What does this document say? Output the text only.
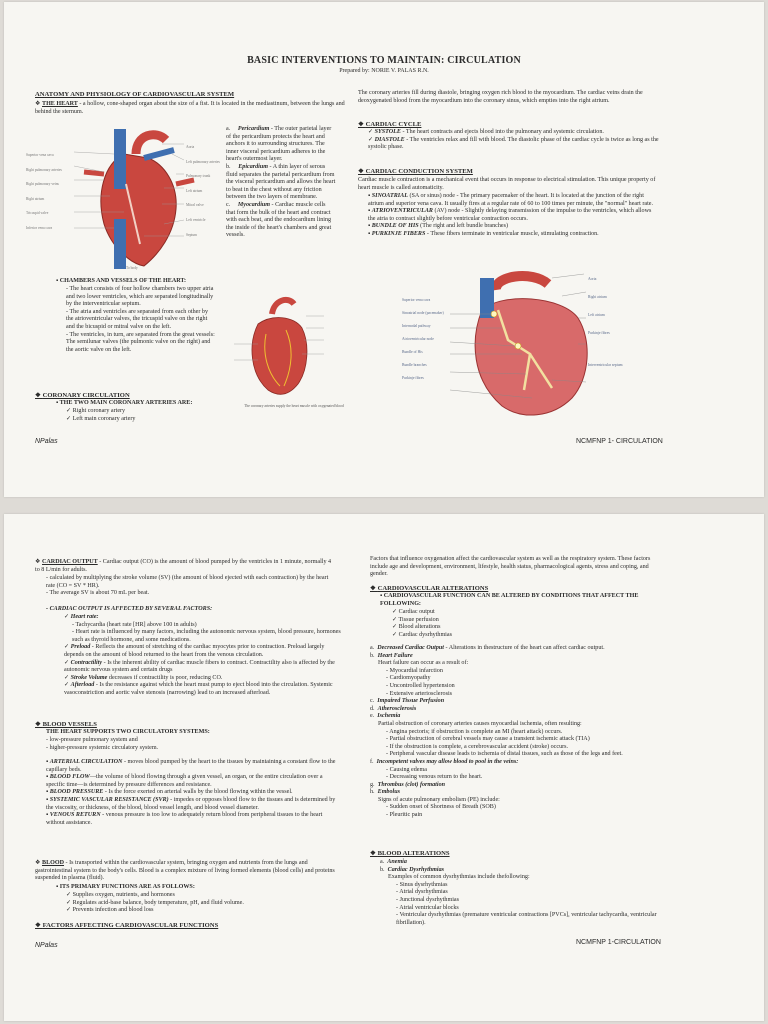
BASIC INTERVENTIONS TO MAINTAIN: CIRCULATION
Prepared by: NORIE V. PALAS R.N.
ANATOMY AND PHYSIOLOGY OF CARDIOVASCULAR SYSTEM
❖ THE HEART - a hollow, cone-shaped organ about the size of a fist. It is located in the mediastinum, between the lungs and behind the sternum.
Superior vena cava
Right pulmonary arteries
Right pulmonary veins
Right atrium
Tricuspid valve
Inferior vena cava
Aorta
Left pulmonary arteries
Pulmonary trunk
Left atrium
Mitral valve
Left ventricle
Septum
To body
a. Pericardium - The outer parietal layer of the pericardium protects the heart and anchors it to surrounding structures. The inner visceral pericardium adheres to the heart's outermost layer.
b. Epicardium - A thin layer of serous fluid separates the parietal pericardium from the visceral pericardium and allows the heart to beat in the chest without any friction between the two layers of membrane.
c. Myocardium - Cardiac muscle cells that form the bulk of the heart and contract with each beat, and the endocardium lining the inside of the heart's chambers and great vessels.
▪ CHAMBERS AND VESSELS OF THE HEART:
- The heart consists of four hollow chambers two upper atria and two lower ventricles, which are separated longitudinally by the interventricular septum.
- The atria and ventricles are separated from each other by the atrioventricular valves, the tricuspid valve on the right and the bicuspid or mitral valve on the left.
- The ventricles, in turn, are separated from the great vessels: The semilunar valves (the pulmonic valve on the right) and the aortic valve on the left.
The coronary arteries supply the heart muscle with oxygenated blood
❖ CORONARY CIRCULATION
▪ THE TWO MAIN CORONARY ARTERIES ARE:
✓ Right coronary artery
✓ Left main coronary artery
The coronary arteries fill during diastole, bringing oxygen rich blood to the myocardium. The cardiac veins drain the deoxygenated blood from the myocardium into the coronary sinus, which empties into the right atrium.
❖ CARDIAC CYCLE
✓ SYSTOLE - The heart contracts and ejects blood into the pulmonary and systemic circulation.
✓ DIASTOLE - The ventricles relax and fill with blood. The diastolic phase of the cardiac cycle is twice as long as the systolic phase.
❖ CARDIAC CONDUCTION SYSTEM
Cardiac muscle contraction is a mechanical event that occurs in response to electrical stimulation. This unique property of heart muscle is called automaticity.
▪ SINOATRIAL (SA or sinus) node - The primary pacemaker of the heart. It is located at the junction of the right atrium and superior vena cava. It usually fires at a regular rate of 60 to 100 times per minute, the "normal" heart rate.
▪ ATRIOVENTRICULAR (AV) node - Slightly delaying transmission of the impulse to the ventricles, which allows the atria to contract slightly before ventricular contraction occurs.
▪ BUNDLE OF HIS (The right and left bundle branches)
▪ PURKINJE FIBERS - These fibers terminate in ventricular muscle, stimulating contraction.
Superior vena cava
Sinoatrial node (pacemaker)
Internodal pathway
Atrioventricular node
Bundle of His
Bundle branches
Purkinje fibres
Aorta
Right atrium
Left atrium
Purkinje fibres
Interventricular septum
NPalas	NCMFNP 1- CIRCULATION
❖ CARDIAC OUTPUT - Cardiac output (CO) is the amount of blood pumped by the ventricles in 1 minute, normally 4 to 8 L/min for adults.
- calculated by multiplying the stroke volume (SV) (the amount of blood ejected with each contraction) by the heart rate (CO = SV * HR).
- The average SV is about 70 mL per beat.
- CARDIAC OUTPUT IS AFFECTED BY SEVERAL FACTORS:
✓ Heart rate:
- Tachycardia (heart rate [HR] above 100 in adults)
- Heart rate is influenced by many factors, including the autonomic nervous system, blood pressure, hormones such as thyroid hormone, and some medications.
✓ Preload - Reflects the amount of stretching of the cardiac myocytes prior to contraction. Preload largely depends on the amount of blood returned to the heart from the venous circulation.
✓ Contractility - Is the inherent ability of cardiac muscle fibers to contract. Contractility also is affected by the autonomic nervous system and certain drugs
✓ Stroke Volume decreases if contractility is poor, reducing CO.
✓ Afterload - Is the resistance against which the heart must pump to eject blood into the circulation. Systemic vasoconstriction and aortic valve stenosis (narrowing) lead to an increased afterload.
❖ BLOOD VESSELS
THE HEART SUPPORTS TWO CIRCULATORY SYSTEMS:
- low-pressure pulmonary system and
- higher-pressure systemic circulatory system.
▪ ARTERIAL CIRCULATION - moves blood pumped by the heart to the tissues by maintaining a constant flow to the capillary beds.
▪ BLOOD FLOW—the volume of blood flowing through a given vessel, an organ, or the entire circulation over a specific time—is determined by pressure differences and resistance.
▪ BLOOD PRESSURE - Is the force exerted on arterial walls by the blood flowing within the vessel.
▪ SYSTEMIC VASCULAR RESISTANCE (SVR) - impedes or opposes blood flow to the tissues and is determined by the viscosity, or thickness, of the blood, blood vessel length, and blood vessel diameter.
▪ VENOUS RETURN - venous pressure is too low to adequately return blood from peripheral tissues to the heart without assistance.
❖ BLOOD - Is transported within the cardiovascular system, bringing oxygen and nutrients from the lungs and gastrointestinal system to the body's cells. Blood is a complex mixture of living formed elements (blood cells) and proteins suspended in plasma (fluid).
▪ ITS PRIMARY FUNCTIONS ARE AS FOLLOWS:
✓ Supplies oxygen, nutrients, and hormones
✓ Regulates acid-base balance, body temperature, pH, and fluid volume.
✓ Prevents infection and blood loss
❖ FACTORS AFFECTING CARDIOVASCULAR FUNCTIONS
Factors that influence oxygenation affect the cardiovascular system as well as the respiratory system. These factors include age and development, environment, lifestyle, health status, pharmacological agents, stress and coping, and gender.
❖ CARDIOVASCULAR ALTERATIONS
▪ CARDIOVASCULAR FUNCTION CAN BE ALTERED BY CONDITIONS THAT AFFECT THE FOLLOWING:
✓ Cardiac output
✓ Tissue perfusion
✓ Blood alterations
✓ Cardiac dysrhythmias
a.  Decreased Cardiac Output - Alterations in thestructure of the heart can affect cardiac output.
b.  Heart Failure
Heart failure can occur as a result of:
- Myocardial infarction
- Cardiomyopathy
- Uncontrolled hypertension
- Extensive arteriosclerosis
c.  Impaired Tissue Perfusion
d.  Atherosclerosis
e.  Ischemia
Partial obstruction of coronary arteries causes myocardial ischemia, often resulting:
- Angina pectoris; if obstruction is complete an MI (heart attack) occurs.
- Partial obstruction of cerebral vessels may cause a transient ischemic attack (TIA)
- If the obstruction is complete, a cerebrovascular accident (stroke) occurs.
- Peripheral vascular disease leads to ischemia of distal tissues, such as those of the legs and feet.
f.  Incompetent valves may allow blood to pool in the veins:
- Causing edema
- Decreasing venous return to the heart.
g.  Thrombus (clot) formation
h.  Embolus
Signs of acute pulmonary embolism (PE) include:
- Sudden onset of Shortness of Breath (SOB)
- Pleuritic pain
❖ BLOOD ALTERATIONS
a.  Anemia
b.  Cardiac Dysrhythmias
Examples of common dysrhythmias include thefollowing:
- Sinus dysrhythmias
- Atrial dysrhythmias
- Junctional dysrhythmias
- Atrial ventricular blocks
- Ventricular dysrhythmias (premature ventricular contractions [PVCs], ventricular tachycardia, ventricular fibrillation).
NPalas	NCMFNP 1-CIRCULATION
